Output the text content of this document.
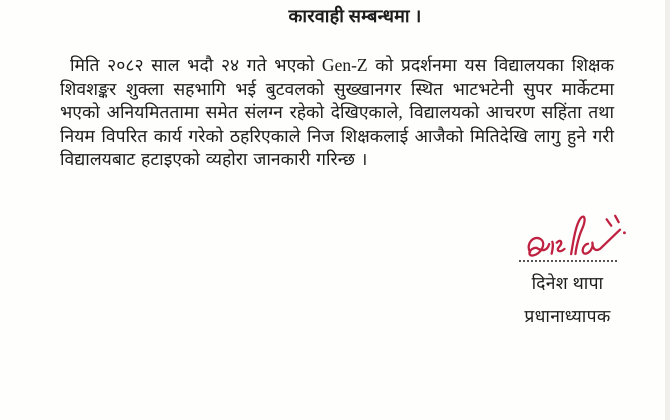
कारवाही सम्बन्धमा ।
मिति २०८२ साल भदौ २४ गते भएको Gen-Z को प्रदर्शनमा यस विद्यालयका शिक्षक शिवशङ्कर शुक्ला सहभागि भई बुटवलको सुख्खानगर स्थित भाटभटेनी सुपर मार्केटमा भएको अनियमिततामा समेत संलग्न रहेको देखिएकाले, विद्यालयको आचरण सहिंता तथा नियम विपरित कार्य गरेको ठहरिएकाले निज शिक्षकलाई आजैको मितिदेखि लागु हुने गरी विद्यालयबाट हटाइएको व्यहोरा जानकारी गरिन्छ ।
दिनेश थापा
प्रधानाध्यापक
